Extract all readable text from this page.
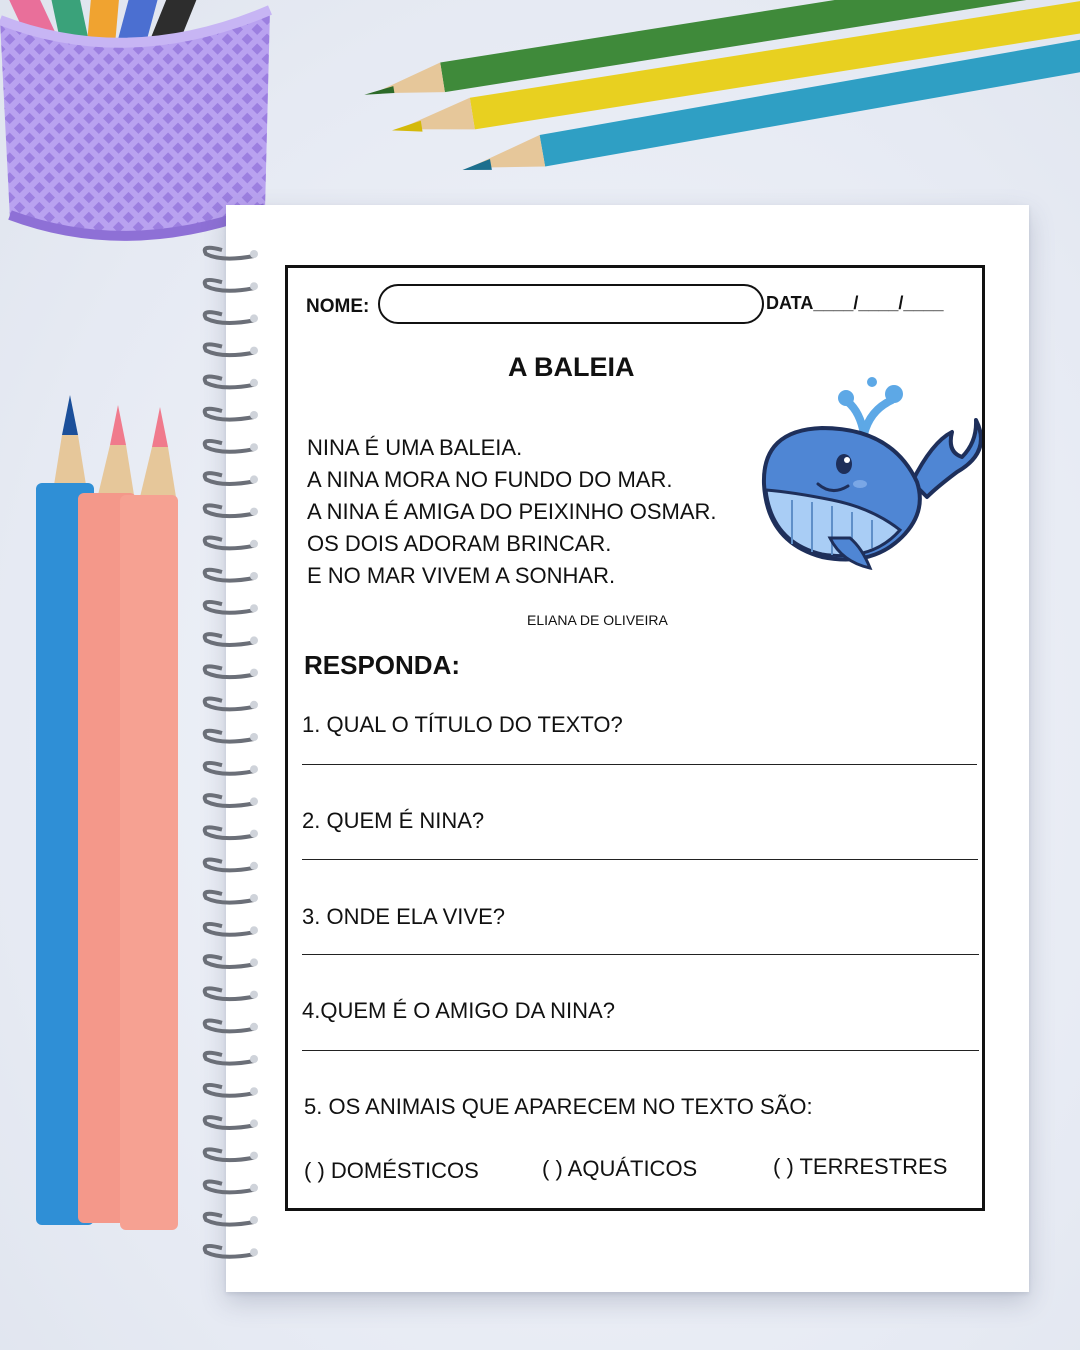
NOME:	DATA____/____/____
A BALEIA
NINA É UMA BALEIA.
A NINA MORA NO FUNDO DO MAR.
A NINA É AMIGA DO PEIXINHO OSMAR.
OS DOIS ADORAM BRINCAR.
E NO MAR VIVEM A SONHAR.
ELIANA DE OLIVEIRA
RESPONDA:
1. QUAL O TÍTULO DO TEXTO?
2. QUEM É NINA?
3. ONDE ELA VIVE?
4.QUEM É O AMIGO DA NINA?
5. OS ANIMAIS QUE APARECEM NO TEXTO SÃO:
( ) DOMÉSTICOS	( ) AQUÁTICOS	( ) TERRESTRES
